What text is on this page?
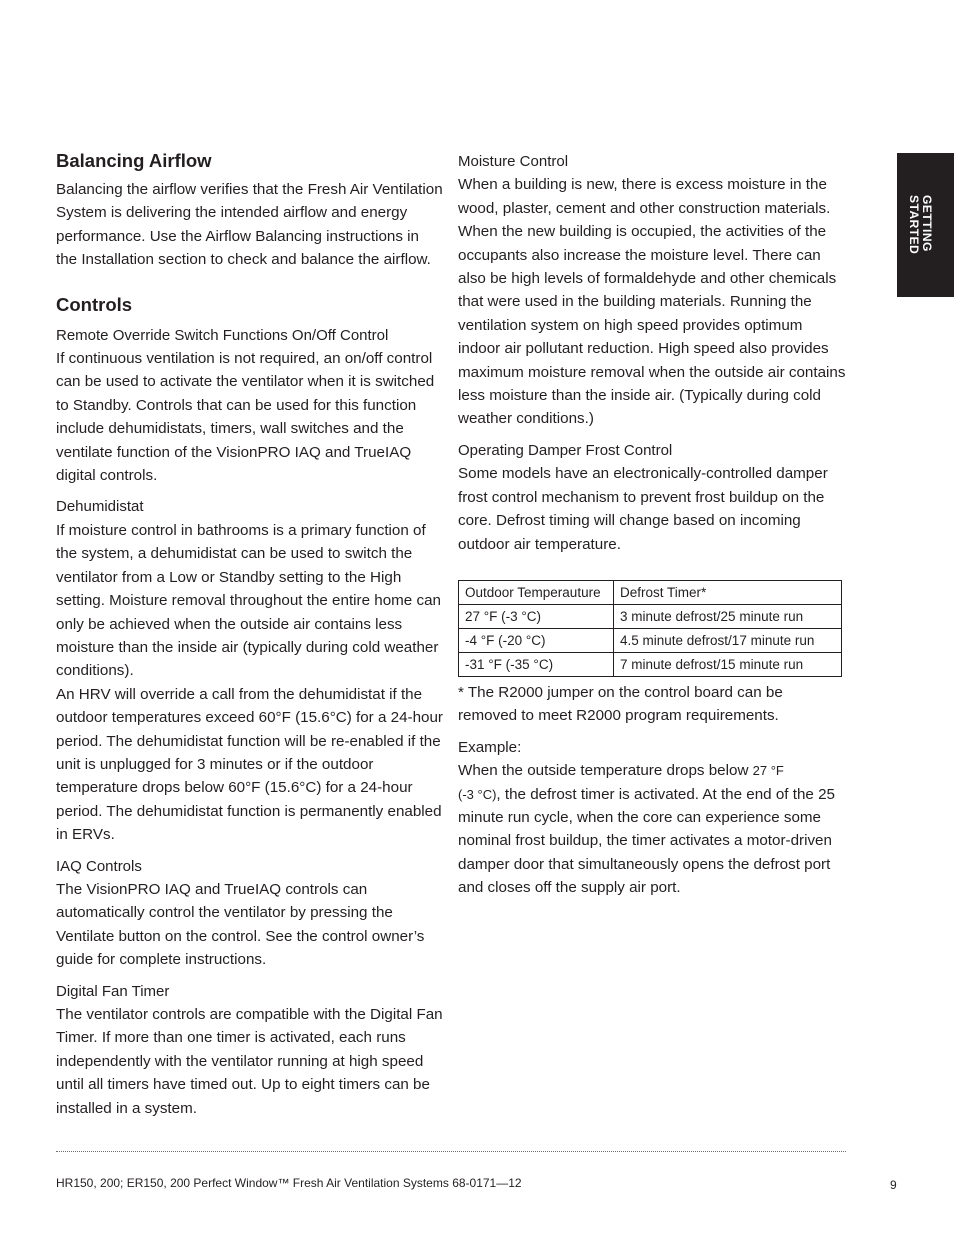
GETTING STARTED
Balancing Airflow

Balancing the airflow verifies that the Fresh Air Ventilation System is delivering the intended airflow and energy performance. Use the Airflow Balancing instructions in the Installation section to check and balance the airflow.

Controls

Remote Override Switch Functions On/Off Control

If continuous ventilation is not required, an on/off control can be used to activate the ventilator when it is switched to Standby. Controls that can be used for this function include dehumidistats, timers, wall switches and the ventilate function of the VisionPRO IAQ and TrueIAQ digital controls.

Dehumidistat

If moisture control in bathrooms is a primary function of the system, a dehumidistat can be used to switch the ventilator from a Low or Standby setting to the High setting. Moisture removal throughout the entire home can only be achieved when the outside air contains less moisture than the inside air (typically during cold weather conditions).

An HRV will override a call from the dehumidistat if the outdoor temperatures exceed 60°F (15.6°C) for a 24-hour period. The dehumidistat function will be re-enabled if the unit is unplugged for 3 minutes or if the outdoor temperature drops below 60°F (15.6°C) for a 24-hour period. The dehumidistat function is permanently enabled in ERVs.

IAQ Controls

The VisionPRO IAQ and TrueIAQ controls can automatically control the ventilator by pressing the Ventilate button on the control. See the control owner’s guide for complete instructions.

Digital Fan Timer

The ventilator controls are compatible with the Digital Fan Timer. If more than one timer is activated, each runs independently with the ventilator running at high speed until all timers have timed out. Up to eight timers can be installed in a system.

Moisture Control

When a building is new, there is excess moisture in the wood, plaster, cement and other construction materials. When the new building is occupied, the activities of the occupants also increase the moisture level. There can also be high levels of formaldehyde and other chemicals that were used in the building materials. Running the ventilation system on high speed provides optimum indoor air pollutant reduction. High speed also provides maximum moisture removal when the outside air contains less moisture than the inside air. (Typically during cold weather conditions.)

Operating Damper Frost Control

Some models have an electronically-controlled damper frost control mechanism to prevent frost buildup on the core. Defrost timing will change based on incoming outdoor air temperature.

Outdoor Temperauture	Defrost Timer*
27 °F (-3 °C)	3 minute defrost/25 minute run
-4 °F (-20 °C)	4.5 minute defrost/17 minute run
-31 °F (-35 °C)	7 minute defrost/15 minute run

* The R2000 jumper on the control board can be removed to meet R2000 program requirements.

Example:

When the outside temperature drops below 27 °F
(-3 °C), the defrost timer is activated. At the end of the 25 minute run cycle, when the core can experience some nominal frost buildup, the timer activates a motor-driven damper door that simultaneously opens the defrost port and closes off the supply air port.

HR150, 200; ER150, 200 Perfect Window™ Fresh Air Ventilation Systems 68-0171—12	9
